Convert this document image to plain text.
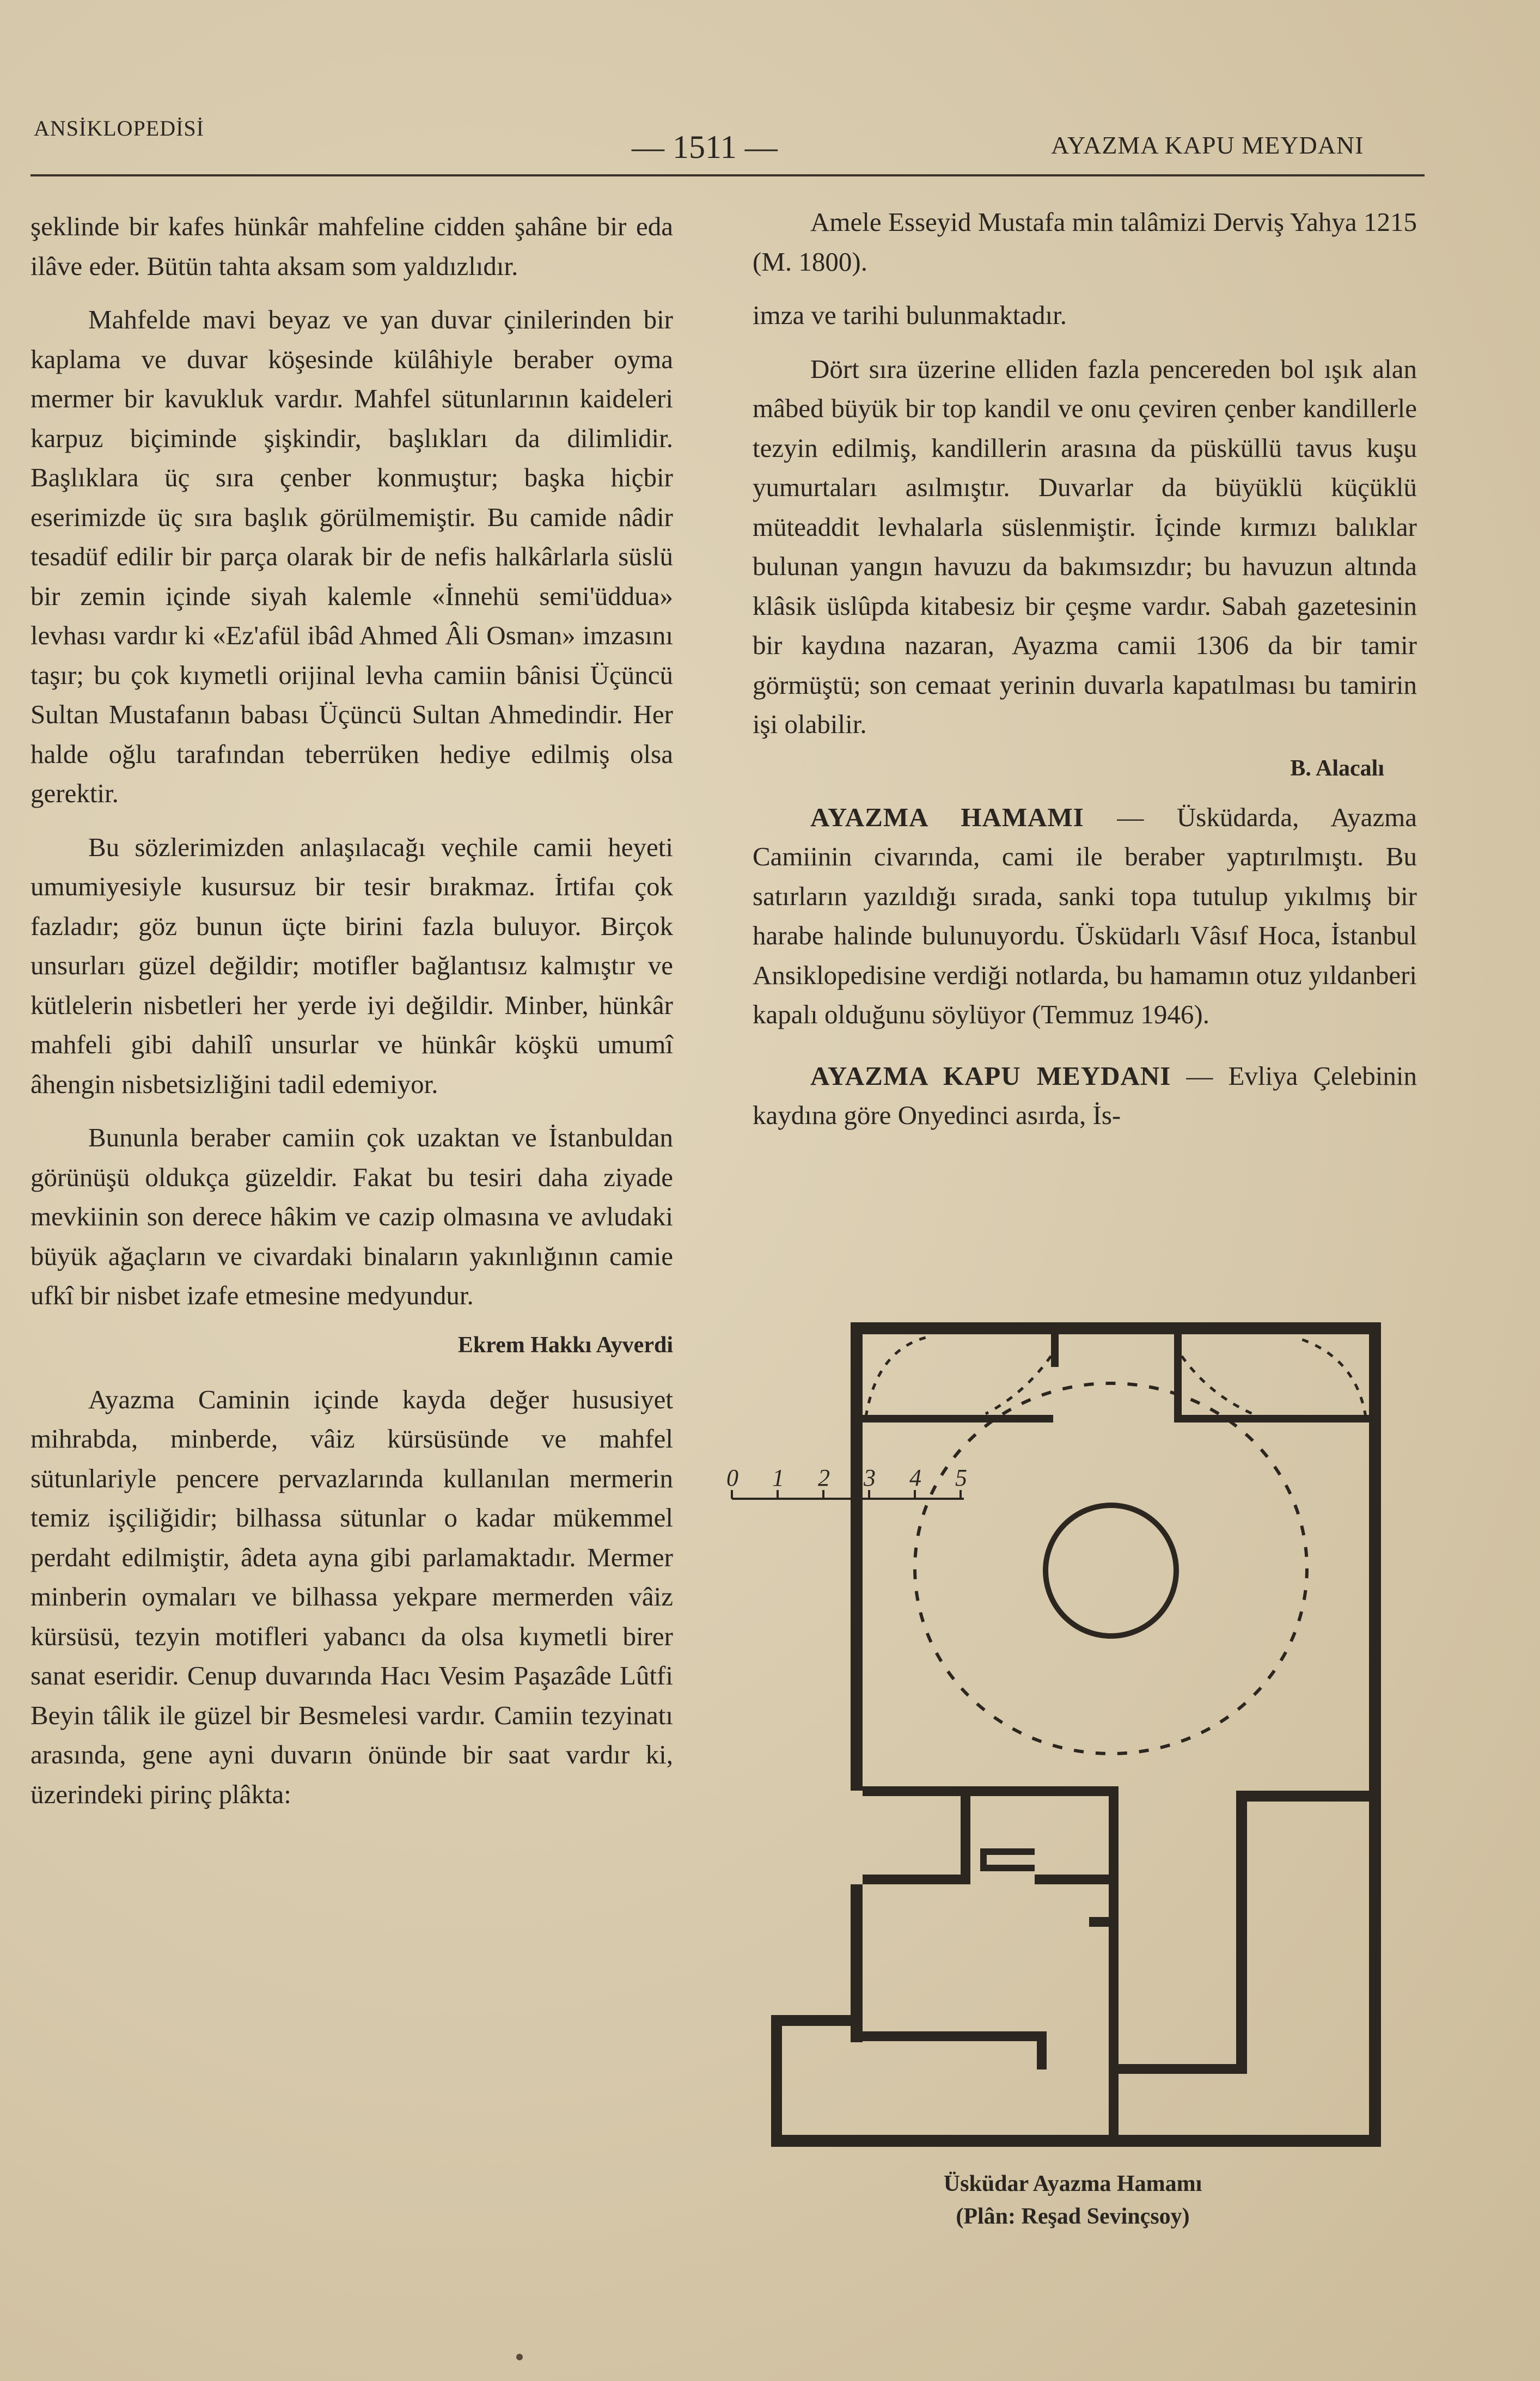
ANSİKLOPEDİSİ
— 1511 —	AYAZMA KAPU MEYDANI

şeklinde bir kafes hünkâr mahfeline cidden şahâne bir eda ilâve eder. Bütün tahta aksam som yaldızlıdır.

Mahfelde mavi beyaz ve yan duvar çinilerinden bir kaplama ve duvar köşesinde külâhiyle beraber oyma mermer bir kavukluk vardır. Mahfel sütunlarının kaideleri karpuz biçiminde şişkindir, başlıkları da dilimlidir. Başlıklara üç sıra çenber konmuştur; başka hiçbir eserimizde üç sıra başlık görülmemiştir. Bu camide nâdir tesadüf edilir bir parça olarak bir de nefis halkârlarla süslü bir zemin içinde siyah kalemle «İnnehü semi'üddua» levhası vardır ki «Ez'afül ibâd Ahmed Âli Osman» imzasını taşır; bu çok kıymetli orijinal levha camiin bânisi Üçüncü Sultan Mustafanın babası Üçüncü Sultan Ahmedindir. Her halde oğlu tarafından teberrüken hediye edilmiş olsa gerektir.

Bu sözlerimizden anlaşılacağı veçhile camii heyeti umumiyesiyle kusursuz bir tesir bırakmaz. İrtifaı çok fazladır; göz bunun üçte birini fazla buluyor. Birçok unsurları güzel değildir; motifler bağlantısız kalmıştır ve kütlelerin nisbetleri her yerde iyi değildir. Minber, hünkâr mahfeli gibi dahilî unsurlar ve hünkâr köşkü umumî âhengin nisbetsizliğini tadil edemiyor.

Bununla beraber camiin çok uzaktan ve İstanbuldan görünüşü oldukça güzeldir. Fakat bu tesiri daha ziyade mevkiinin son derece hâkim ve cazip olmasına ve avludaki büyük ağaçların ve civardaki binaların yakınlığının camie ufkî bir nisbet izafe etmesine medyundur.

Ekrem Hakkı Ayverdi

Ayazma Caminin içinde kayda değer hususiyet mihrabda, minberde, vâiz kürsüsünde ve mahfel sütunlariyle pencere pervazlarında kullanılan mermerin temiz işçiliğidir; bilhassa sütunlar o kadar mükemmel perdaht edilmiştir, âdeta ayna gibi parlamaktadır. Mermer minberin oymaları ve bilhassa yekpare mermerden vâiz kürsüsü, tezyin motifleri yabancı da olsa kıymetli birer sanat eseridir. Cenup duvarında Hacı Vesim Paşazâde Lûtfi Beyin tâlik ile güzel bir Besmelesi vardır. Camiin tezyinatı arasında, gene ayni duvarın önünde bir saat vardır ki, üzerindeki pirinç plâkta:

Amele Esseyid Mustafa min talâmizi Derviş Yahya 1215 (M. 1800).

imza ve tarihi bulunmaktadır.

Dört sıra üzerine elliden fazla pencereden bol ışık alan mâbed büyük bir top kandil ve onu çeviren çenber kandillerle tezyin edilmiş, kandillerin arasına da püsküllü tavus kuşu yumurtaları asılmıştır. Duvarlar da büyüklü küçüklü müteaddit levhalarla süslenmiştir. İçinde kırmızı balıklar bulunan yangın havuzu da bakımsızdır; bu havuzun altında klâsik üslûpda kitabesiz bir çeşme vardır. Sabah gazetesinin bir kaydına nazaran, Ayazma camii 1306 da bir tamir görmüştü; son cemaat yerinin duvarla kapatılması bu tamirin işi olabilir.

B. Alacalı

AYAZMA HAMAMI — Üsküdarda, Ayazma Camiinin civarında, cami ile beraber yaptırılmıştı. Bu satırların yazıldığı sırada, sanki topa tutulup yıkılmış bir harabe halinde bulunuyordu. Üsküdarlı Vâsıf Hoca, İstanbul Ansiklopedisine verdiği notlarda, bu hamamın otuz yıldanberi kapalı olduğunu söylüyor (Temmuz 1946).

AYAZMA KAPU MEYDANI — Evliya Çelebinin kaydına göre Onyedinci asırda, İs-

0 1 2 3 4 5
Üsküdar Ayazma Hamamı
(Plân: Reşad Sevinçsoy)
